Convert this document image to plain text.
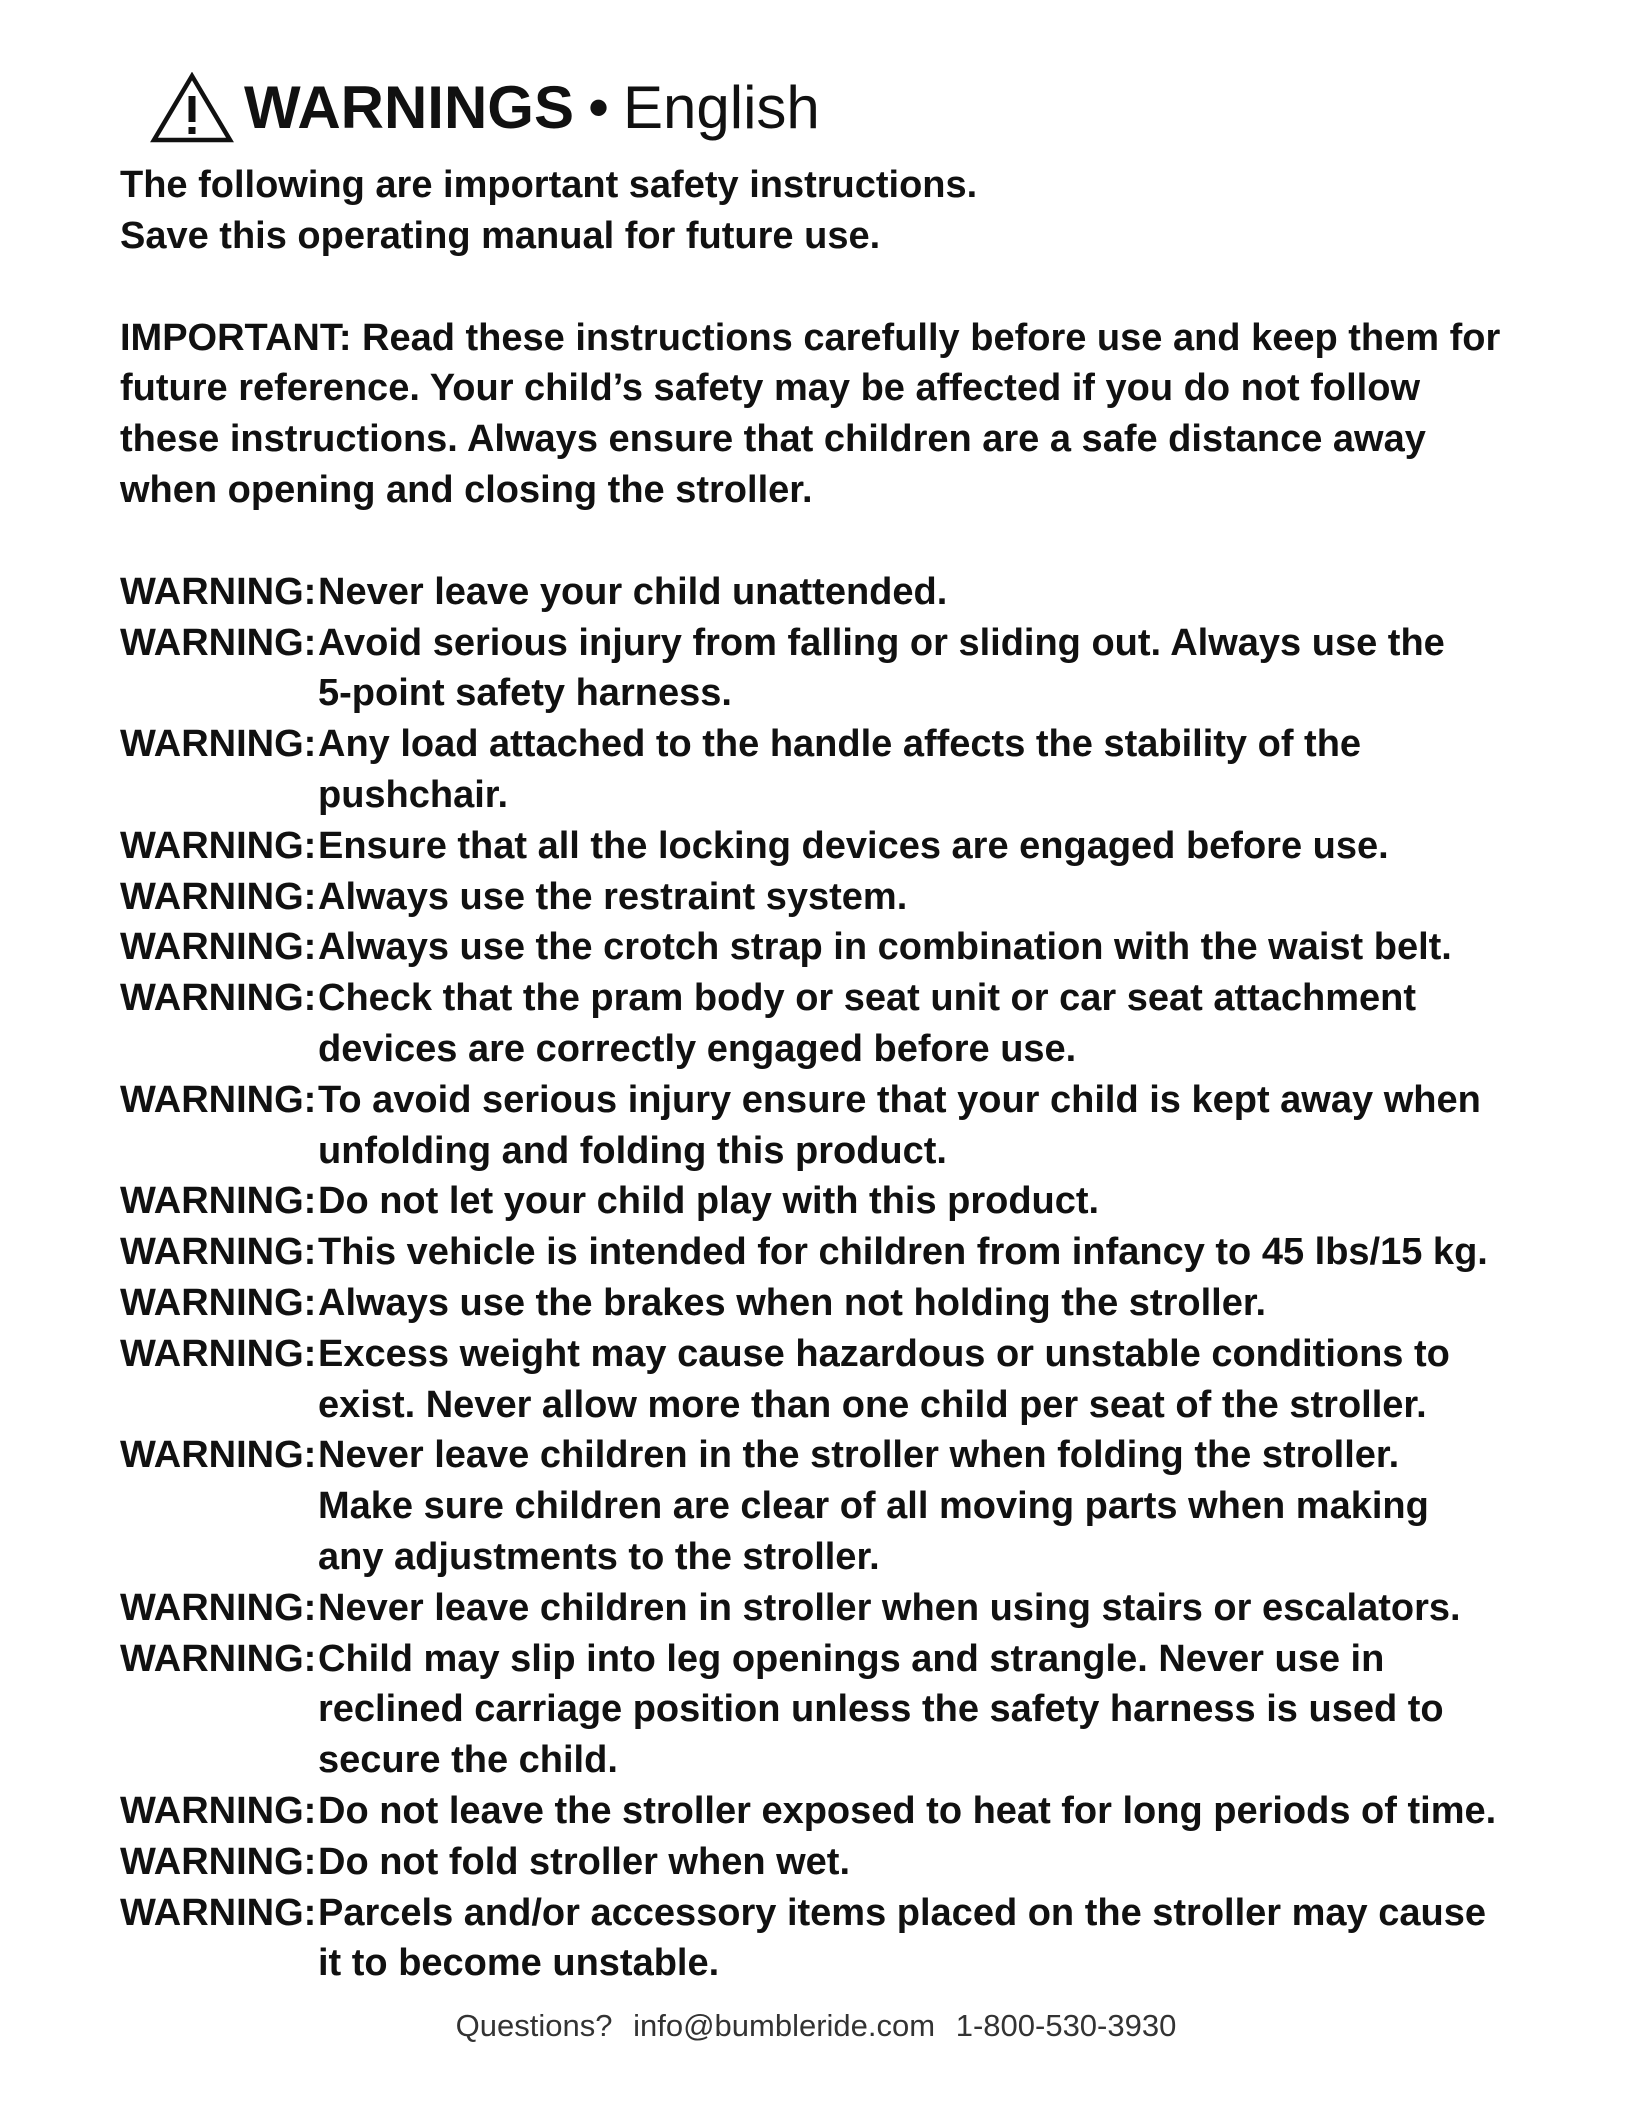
WARNINGS • English
The following are important safety instructions.
Save this operating manual for future use.
IMPORTANT: Read these instructions carefully before use and keep them for
future reference. Your child’s safety may be affected if you do not follow
these instructions. Always ensure that children are a safe distance away
when opening and closing the stroller.
WARNING: Never leave your child unattended.
WARNING: Avoid serious injury from falling or sliding out. Always use the
5-point safety harness.
WARNING: Any load attached to the handle affects the stability of the
pushchair.
WARNING: Ensure that all the locking devices are engaged before use.
WARNING: Always use the restraint system.
WARNING: Always use the crotch strap in combination with the waist belt.
WARNING: Check that the pram body or seat unit or car seat attachment
devices are correctly engaged before use.
WARNING: To avoid serious injury ensure that your child is kept away when
unfolding and folding this product.
WARNING: Do not let your child play with this product.
WARNING: This vehicle is intended for children from infancy to 45 lbs/15 kg.
WARNING: Always use the brakes when not holding the stroller.
WARNING: Excess weight may cause hazardous or unstable conditions to
exist. Never allow more than one child per seat of the stroller.
WARNING: Never leave children in the stroller when folding the stroller.
Make sure children are clear of all moving parts when making
any adjustments to the stroller.
WARNING: Never leave children in stroller when using stairs or escalators.
WARNING: Child may slip into leg openings and strangle. Never use in
reclined carriage position unless the safety harness is used to
secure the child.
WARNING: Do not leave the stroller exposed to heat for long periods of time.
WARNING: Do not fold stroller when wet.
WARNING: Parcels and/or accessory items placed on the stroller may cause
it to become unstable.
Questions? info@bumbleride.com 1-800-530-3930
